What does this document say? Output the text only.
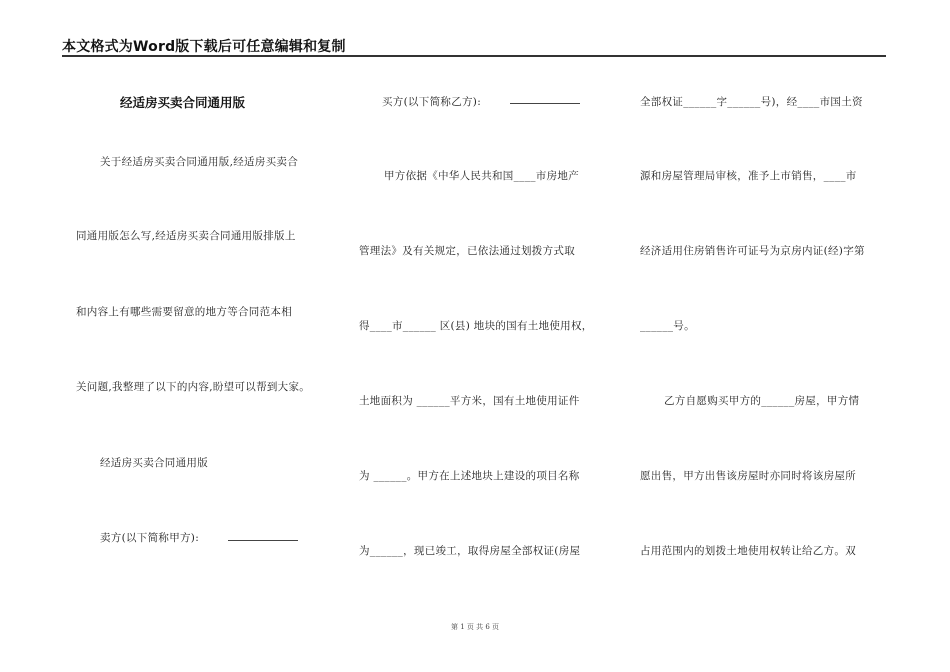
本文格式为Word版下载后可任意编辑和复制
经适房买卖合同通用版
关于经适房买卖合同通用版,经适房买卖合
同通用版怎么写,经适房买卖合同通用版排版上
和内容上有哪些需要留意的地方等合同范本相
关问题,我整理了以下的内容,盼望可以帮到大家。
经适房买卖合同通用版
卖方(以下简称甲方):
买方(以下简称乙方):
甲方依据《中华人民共和国____市房地产
管理法》及有关规定，已依法通过划拨方式取
得____市______ 区(县) 地块的国有土地使用权，
土地面积为 ______平方米，国有土地使用证件
为 ______。甲方在上述地块上建设的项目名称
为______，现已竣工，取得房屋全部权证(房屋
全部权证______字______号)，经____市国土资
源和房屋管理局审核，准予上市销售，____市
经济适用住房销售许可证号为京房内证(经)字第
______号。
乙方自愿购买甲方的______房屋，甲方情
愿出售，甲方出售该房屋时亦同时将该房屋所
占用范围内的划拨土地使用权转让给乙方。双
第 1 页 共 6 页
